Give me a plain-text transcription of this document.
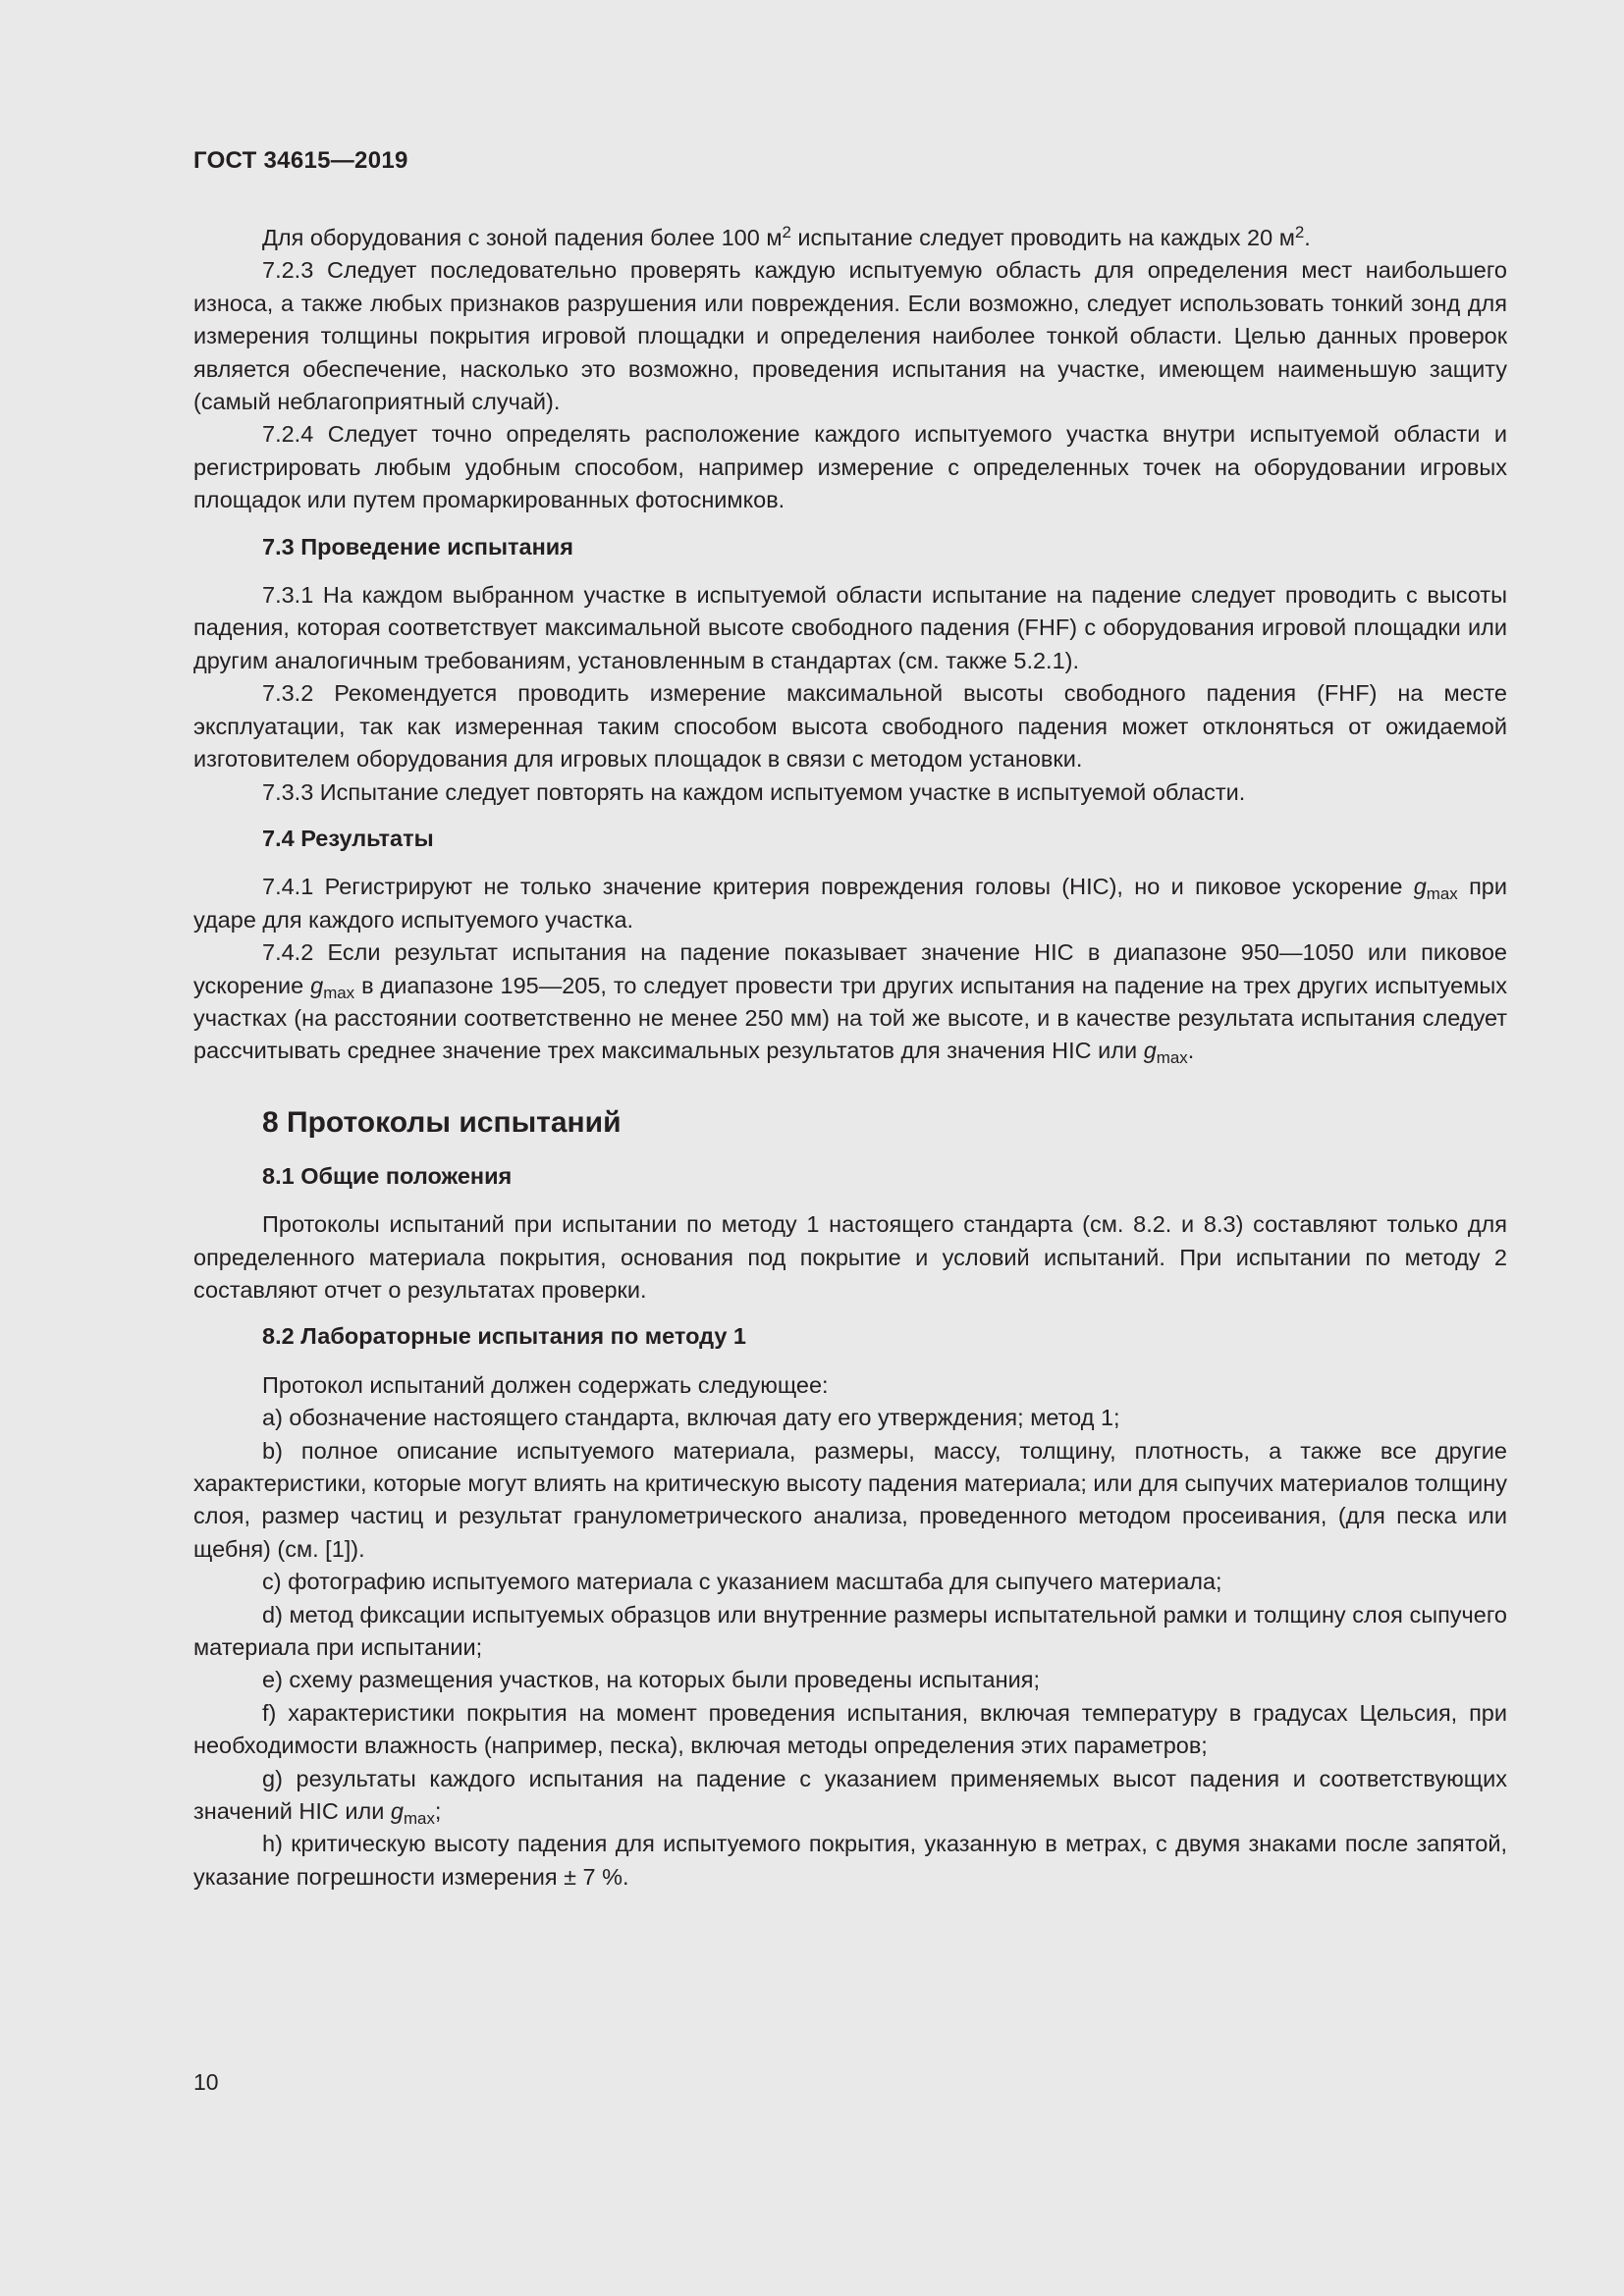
ГОСТ 34615—2019

Для оборудования с зоной падения более 100 $м^2$ испытание следует проводить на каждых 20 $м^2$.

7.2.3 Следует последовательно проверять каждую испытуемую область для определения мест наибольшего износа, а также любых признаков разрушения или повреждения. Если возможно, следует использовать тонкий зонд для измерения толщины покрытия игровой площадки и определения наиболее тонкой области. Целью данных проверок является обеспечение, насколько это возможно, проведения испытания на участке, имеющем наименьшую защиту (самый неблагоприятный случай).

7.2.4 Следует точно определять расположение каждого испытуемого участка внутри испытуемой области и регистрировать любым удобным способом, например измерение с определенных точек на оборудовании игровых площадок или путем промаркированных фотоснимков.

7.3 Проведение испытания

7.3.1 На каждом выбранном участке в испытуемой области испытание на падение следует проводить с высоты падения, которая соответствует максимальной высоте свободного падения (FHF) с оборудования игровой площадки или другим аналогичным требованиям, установленным в стандартах (см. также 5.2.1).

7.3.2 Рекомендуется проводить измерение максимальной высоты свободного падения (FHF) на месте эксплуатации, так как измеренная таким способом высота свободного падения может отклоняться от ожидаемой изготовителем оборудования для игровых площадок в связи с методом установки.

7.3.3 Испытание следует повторять на каждом испытуемом участке в испытуемой области.

7.4 Результаты

7.4.1 Регистрируют не только значение критерия повреждения головы (HIC), но и пиковое ускорение $g_{max}$ при ударе для каждого испытуемого участка.

7.4.2 Если результат испытания на падение показывает значение HIC в диапазоне 950—1050 или пиковое ускорение $g_{max}$ в диапазоне 195—205, то следует провести три других испытания на падение на трех других испытуемых участках (на расстоянии соответственно не менее 250 мм) на той же высоте, и в качестве результата испытания следует рассчитывать среднее значение трех максимальных результатов для значения HIC или $g_{max}$.

8 Протоколы испытаний
8.1 Общие положения

Протоколы испытаний при испытании по методу 1 настоящего стандарта (см. 8.2. и 8.3) составляют только для определенного материала покрытия, основания под покрытие и условий испытаний. При испытании по методу 2 составляют отчет о результатах проверки.

8.2 Лабораторные испытания по методу 1

Протокол испытаний должен содержать следующее:

а) обозначение настоящего стандарта, включая дату его утверждения; метод 1;

b) полное описание испытуемого материала, размеры, массу, толщину, плотность, а также все другие характеристики, которые могут влиять на критическую высоту падения материала; или для сыпучих материалов толщину слоя, размер частиц и результат гранулометрического анализа, проведенного методом просеивания, (для песка или щебня) (см. [1]).

с) фотографию испытуемого материала с указанием масштаба для сыпучего материала;

d) метод фиксации испытуемых образцов или внутренние размеры испытательной рамки и толщину слоя сыпучего материала при испытании;

е) схему размещения участков, на которых были проведены испытания;

f) характеристики покрытия на момент проведения испытания, включая температуру в градусах Цельсия, при необходимости влажность (например, песка), включая методы определения этих параметров;

g) результаты каждого испытания на падение с указанием применяемых высот падения и соответствующих значений HIC или $g_{max}$;

h) критическую высоту падения для испытуемого покрытия, указанную в метрах, с двумя знаками после запятой, указание погрешности измерения ± 7 %.

10
